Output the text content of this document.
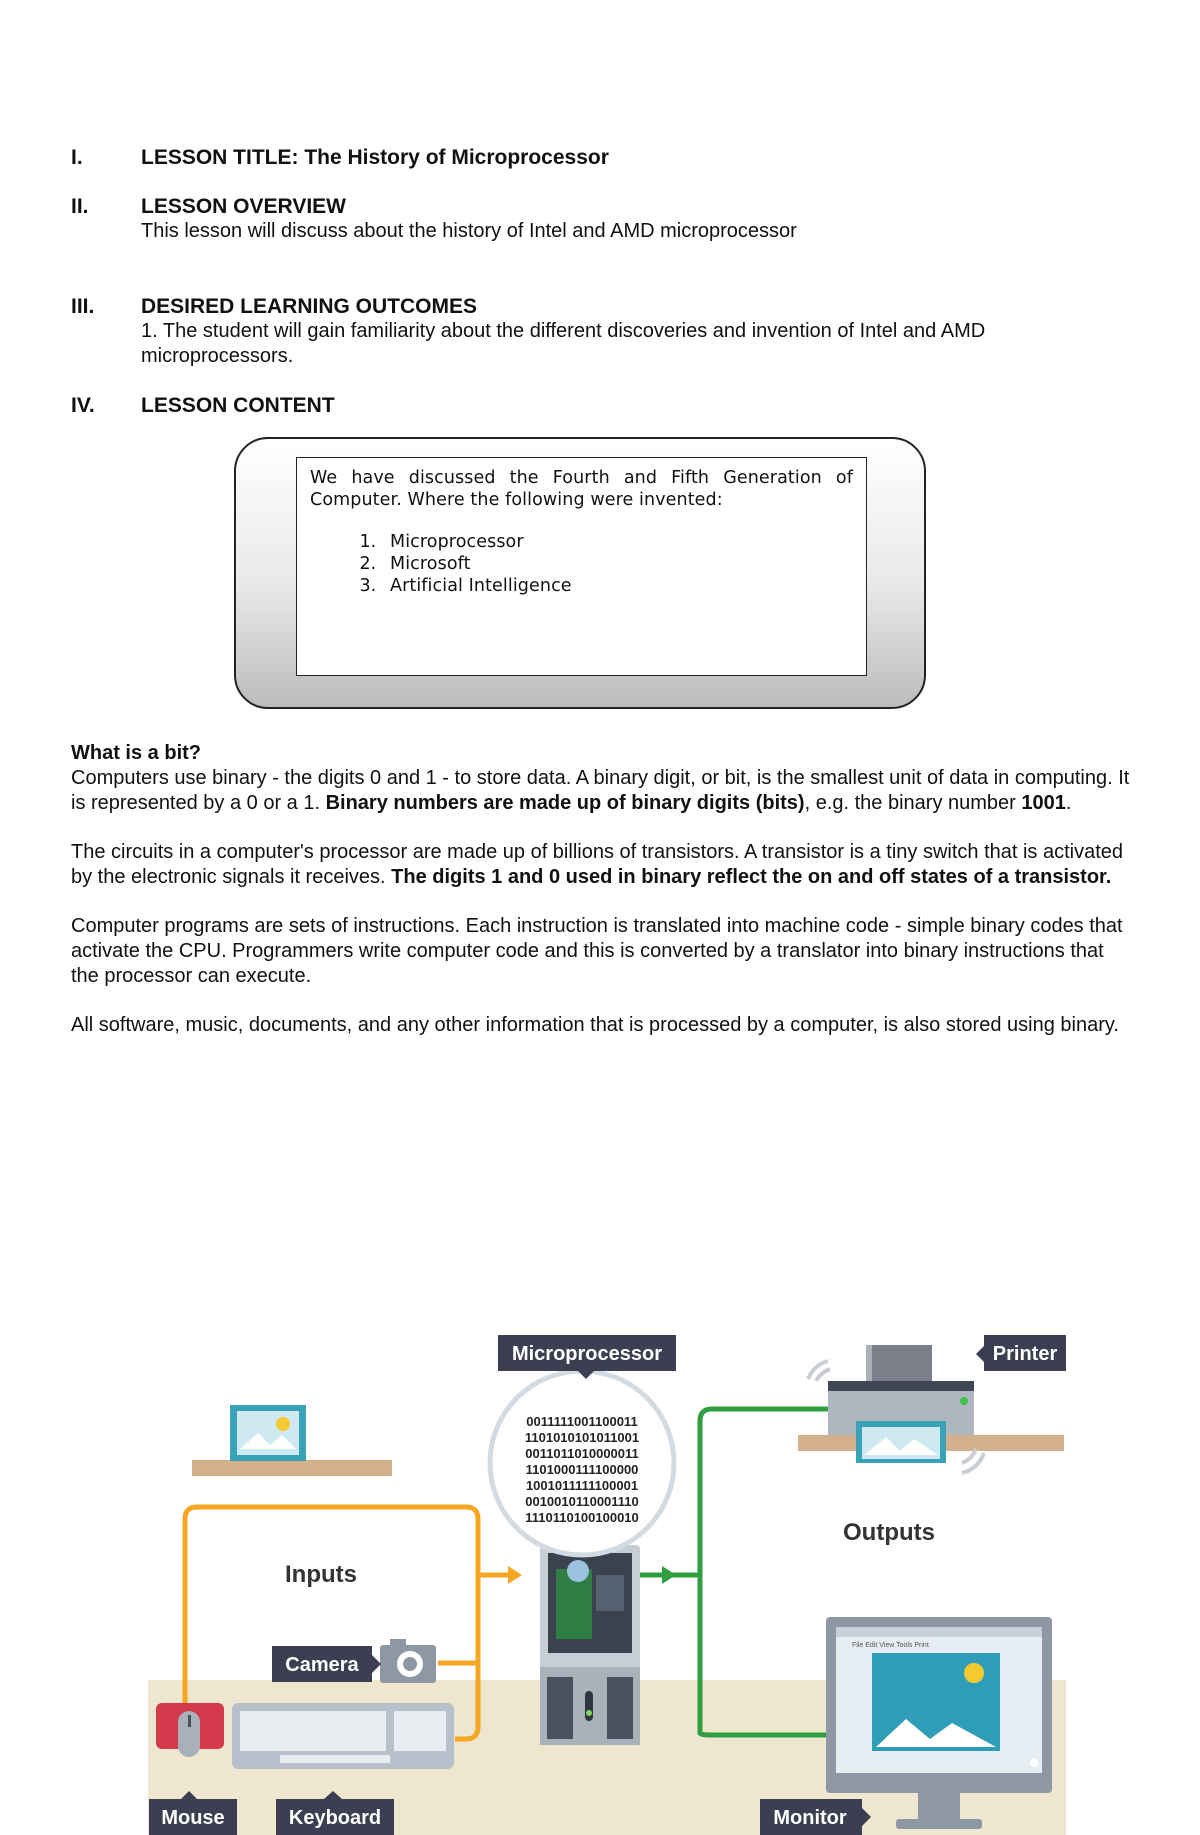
I.	LESSON TITLE: The History of Microprocessor
II.	LESSON OVERVIEW
This lesson will discuss about the history of Intel and AMD microprocessor
III.	DESIRED LEARNING OUTCOMES
1. The student will gain familiarity about the different discoveries and invention of Intel and AMD
microprocessors.
IV.	LESSON CONTENT
We have discussed the Fourth and Fifth Generation of Computer. Where the following were invented:
1. Microprocessor
2. Microsoft
3. Artificial Intelligence

What is a bit?

Computers use binary - the digits 0 and 1 - to store data. A binary digit, or bit, is the smallest unit of data in computing. It is represented by a 0 or a 1. Binary numbers are made up of binary digits (bits), e.g. the binary number 1001.

The circuits in a computer's processor are made up of billions of transistors. A transistor is a tiny switch that is activated by the electronic signals it receives. The digits 1 and 0 used in binary reflect the on and off states of a transistor.

Computer programs are sets of instructions. Each instruction is translated into machine code - simple binary codes that activate the CPU. Programmers write computer code and this is converted by a translator into binary instructions that the processor can execute.

All software, music, documents, and any other information that is processed by a computer, is also stored using binary.

0011111001100011
1101010101011001
0011011010000011
1101000111100000
1001011111100001
0010010110001110
1110110100100010
Microprocessor	Printer
Outputs
Inputs
Camera
File Edit View Tools Print
Mouse	Keyboard	Monitor
